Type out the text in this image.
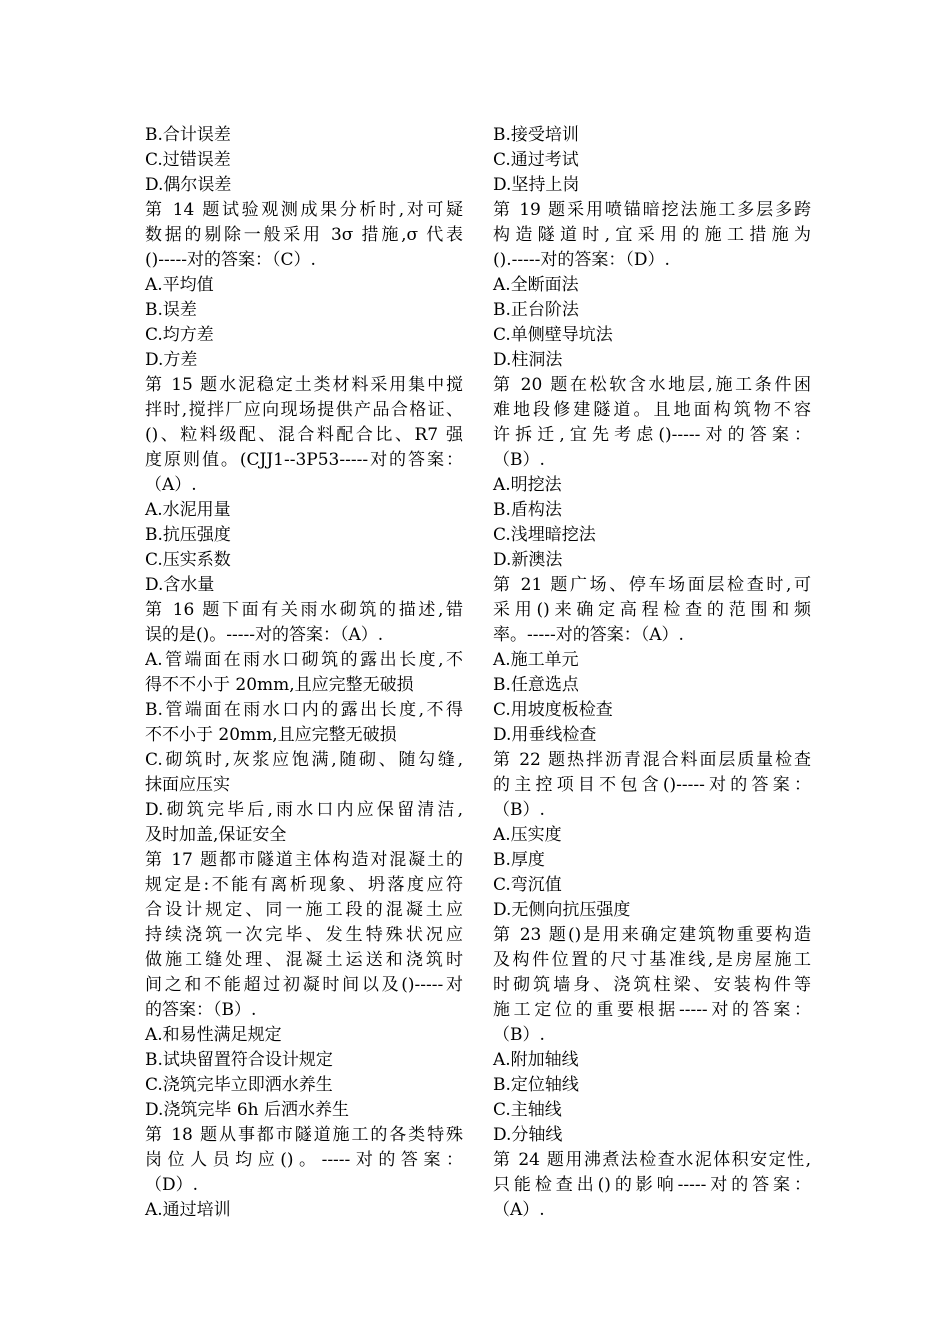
B.合计误差
C.过错误差
D.偶尔误差
第 14 题试验观测成果分析时,对可疑
数据的剔除一般采用 3σ 措施,σ 代表
()-----对的答案：（C）.
A.平均值
B.误差
C.均方差
D.方差
第 15 题水泥稳定土类材料采用集中搅
拌时,搅拌厂应向现场提供产品合格证、
()、粒料级配、混合料配合比、R7 强
度原则值。(CJJ1--3P53-----对的答案：
（A）.
A.水泥用量
B.抗压强度
C.压实系数
D.含水量
第 16 题下面有关雨水砌筑的描述,错
误的是()。-----对的答案：（A）.
A.管端面在雨水口砌筑的露出长度,不
得不不小于 20mm,且应完整无破损
B.管端面在雨水口内的露出长度,不得
不不小于 20mm,且应完整无破损
C.砌筑时,灰浆应饱满,随砌、随勾缝,
抹面应压实
D.砌筑完毕后,雨水口内应保留清洁,
及时加盖,保证安全
第 17 题都市隧道主体构造对混凝土的
规定是:不能有离析现象、坍落度应符
合设计规定、同一施工段的混凝土应
持续浇筑一次完毕、发生特殊状况应
做施工缝处理、混凝土运送和浇筑时
间之和不能超过初凝时间以及()-----对
的答案：（B）.
A.和易性满足规定
B.试块留置符合设计规定
C.浇筑完毕立即洒水养生
D.浇筑完毕 6h 后洒水养生
第 18 题从事都市隧道施工的各类特殊
岗位人员均应()。-----对的答案：
（D）.
A.通过培训
B.接受培训
C.通过考试
D.坚持上岗
第 19 题采用喷锚暗挖法施工多层多跨
构造隧道时,宜采用的施工措施为
().-----对的答案：（D）.
A.全断面法
B.正台阶法
C.单侧壁导坑法
D.柱洞法
第 20 题在松软含水地层,施工条件困
难地段修建隧道。且地面构筑物不容
许拆迁,宜先考虑()-----对的答案：
（B）.
A.明挖法
B.盾构法
C.浅埋暗挖法
D.新澳法
第 21 题广场、停车场面层检查时,可
采用()来确定高程检查的范围和频
率。-----对的答案：（A）.
A.施工单元
B.任意选点
C.用坡度板检查
D.用垂线检查
第 22 题热拌沥青混合料面层质量检查
的主控项目不包含()-----对的答案：
（B）.
A.压实度
B.厚度
C.弯沉值
D.无侧向抗压强度
第 23 题()是用来确定建筑物重要构造
及构件位置的尺寸基准线,是房屋施工
时砌筑墙身、浇筑柱梁、安装构件等
施工定位的重要根据-----对的答案：
（B）.
A.附加轴线
B.定位轴线
C.主轴线
D.分轴线
第 24 题用沸煮法检查水泥体积安定性,
只能检查出()的影响-----对的答案：
（A）.
